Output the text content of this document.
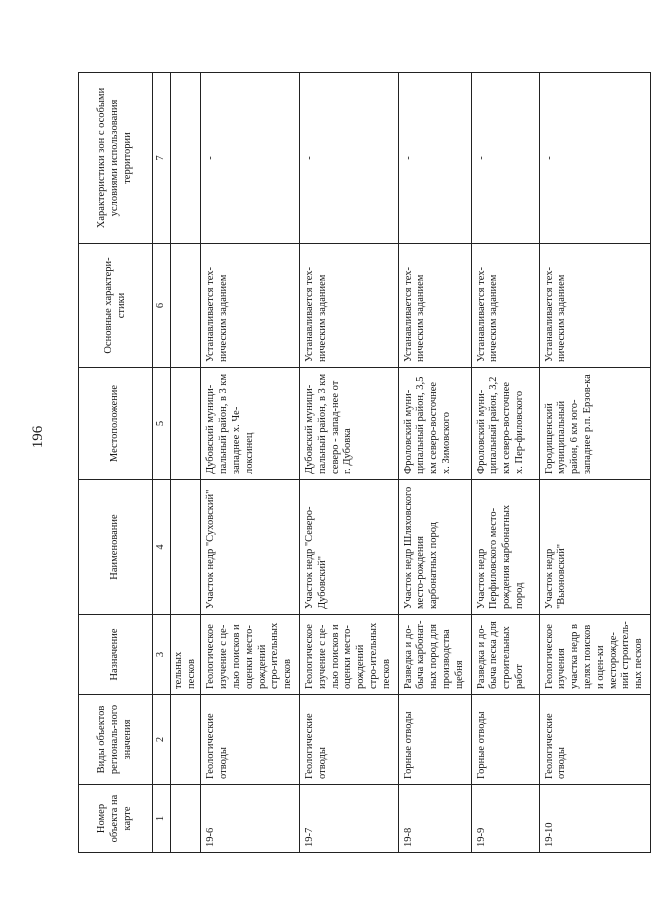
196
Номер объекта на карте	Виды объектов региональ-ного значения	Назначение	Наименование	Местоположение	Основные характери-стики	Характеристики зон с особыми условиями использования территории
1	2	3	4	5	6	7
		тельных песков				
19-6	Геологические отводы	Геологическое изучение с це-лью поисков и оценки место-рождений стро-ительных песков	Участок недр "Суховский"	Дубовский муници-пальный район, в 3 км западнее х. Че-локсинец	Устанавливается тех-ническим заданием	-
19-7	Геологические отводы	Геологическое изучение с це-лью поисков и оценки место-рождений стро-ительных песков	Участок недр "Северо-Дубовский"	Дубовский муници-пальный район, в 3 км северо - запад-нее от г. Дубовка	Устанавливается тех-ническим заданием	-
19-8	Горные отводы	Разведка и до-быча карбонат-ных пород для производства щебня	Участок недр Шляховского место-рождения карбонатных пород	Фроловский муни-ципальный район, 3,5 км северо-восточнее х. Зимовского	Устанавливается тех-ническим заданием	-
19-9	Горные отводы	Разведка и до-быча песка для строительных работ	Участок недр Перфиловского место-рождения карбонатных пород	Фроловский муни-ципальный район, 3,2 км северо-восточнее х. Пер-филовского	Устанавливается тех-ническим заданием	-
19-10	Геологические отводы	Геологическое изучения участка недр в целях поисков и оцен-ки месторожде-ний строитель-ных песков	Участок недр "Вьюновский"	Городищенский муниципальный район, 6 км юго-западнее р.п. Ерзов-ка	Устанавливается тех-ническим заданием	-
